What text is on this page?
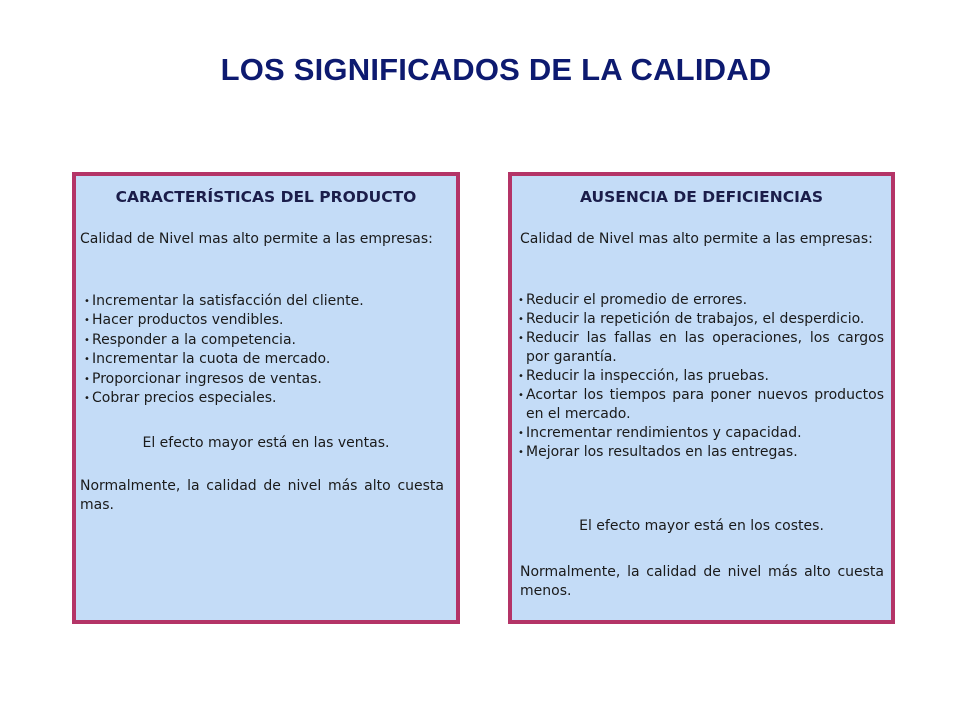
LOS SIGNIFICADOS DE LA CALIDAD

CARACTERÍSTICAS DEL PRODUCTO

Calidad de Nivel mas alto permite a las empresas:

• Incrementar la satisfacción del cliente.
• Hacer productos vendibles.
• Responder a la competencia.
• Incrementar la cuota de mercado.
• Proporcionar ingresos de ventas.
• Cobrar precios especiales.

El efecto mayor está en las ventas.

Normalmente, la calidad de nivel más alto cuesta mas.

AUSENCIA DE DEFICIENCIAS

Calidad de Nivel mas alto permite a las empresas:

• Reducir el promedio de errores.
• Reducir la repetición de trabajos, el desperdicio.
• Reducir las fallas en las operaciones, los cargos por garantía.
• Reducir la inspección, las pruebas.
• Acortar los tiempos para poner nuevos productos en el mercado.
• Incrementar rendimientos y capacidad.
• Mejorar los resultados en las entregas.

El efecto mayor está en los costes.

Normalmente, la calidad de nivel más alto cuesta menos.
